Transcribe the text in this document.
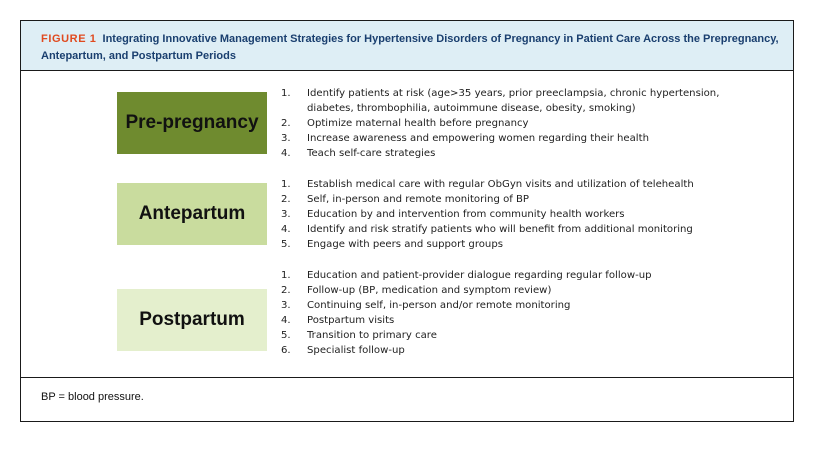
FIGURE 1 Integrating Innovative Management Strategies for Hypertensive Disorders of Pregnancy in Patient Care Across the Prepregnancy, Antepartum, and Postpartum Periods
Pre-pregnancy
1. Identify patients at risk (age>35 years, prior preeclampsia, chronic hypertension, diabetes, thrombophilia, autoimmune disease, obesity, smoking)
2. Optimize maternal health before pregnancy
3. Increase awareness and empowering women regarding their health
4. Teach self-care strategies
Antepartum
1. Establish medical care with regular ObGyn visits and utilization of telehealth
2. Self, in-person and remote monitoring of BP
3. Education by and intervention from community health workers
4. Identify and risk stratify patients who will benefit from additional monitoring
5. Engage with peers and support groups
Postpartum
1. Education and patient-provider dialogue regarding regular follow-up
2. Follow-up (BP, medication and symptom review)
3. Continuing self, in-person and/or remote monitoring
4. Postpartum visits
5. Transition to primary care
6. Specialist follow-up
BP = blood pressure.
